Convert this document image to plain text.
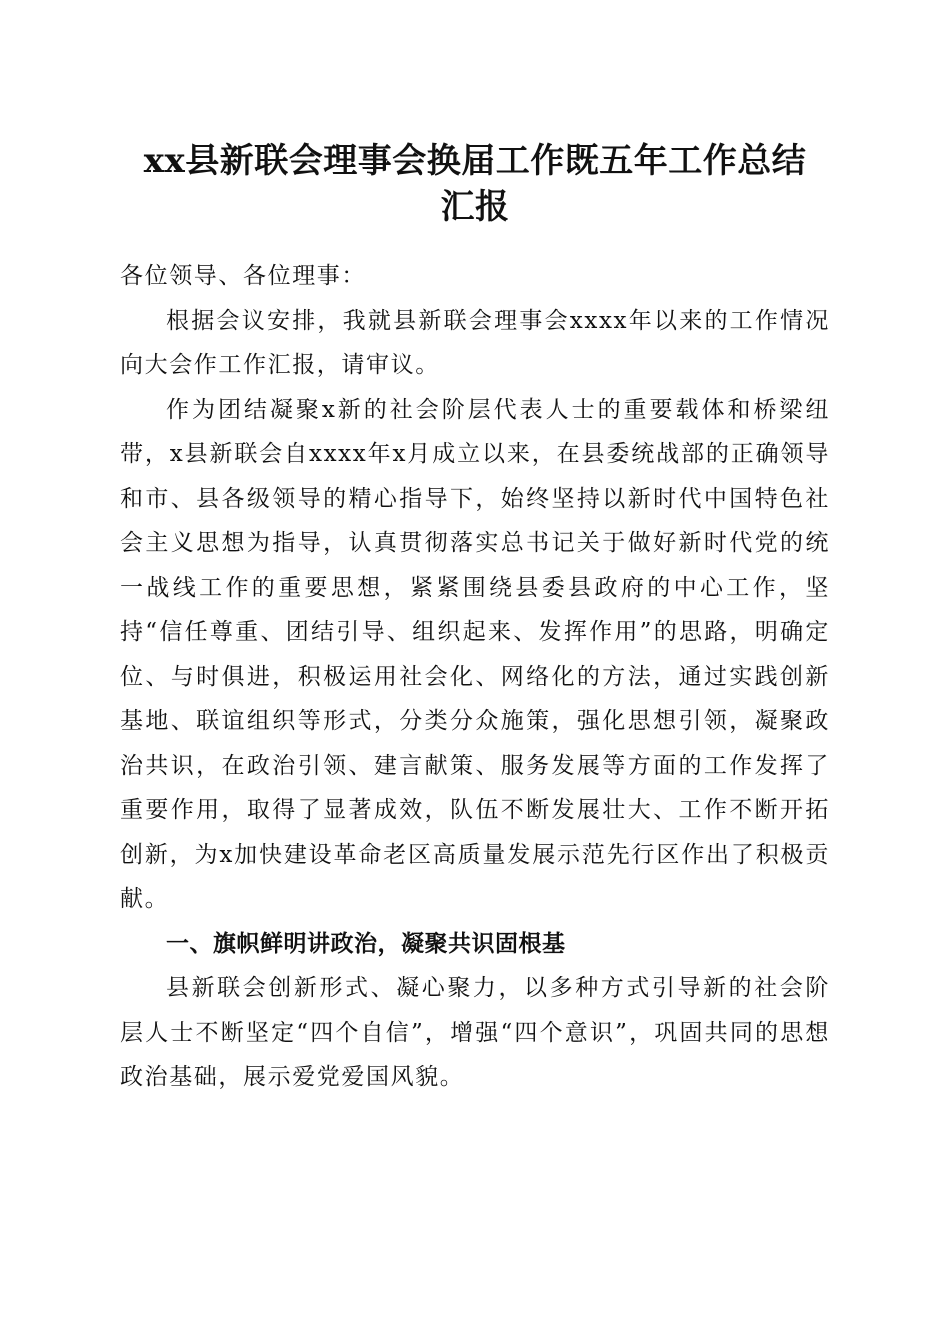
xx县新联会理事会换届工作既五年工作总结
汇报

各位领导、各位理事：

根据会议安排，我就县新联会理事会xxxx年以来的工作情况向大会作工作汇报，请审议。

作为团结凝聚x新的社会阶层代表人士的重要载体和桥梁纽带，x县新联会自xxxx年x月成立以来，在县委统战部的正确领导和市、县各级领导的精心指导下，始终坚持以新时代中国特色社会主义思想为指导，认真贯彻落实总书记关于做好新时代党的统一战线工作的重要思想，紧紧围绕县委县政府的中心工作，坚持“信任尊重、团结引导、组织起来、发挥作用”的思路，明确定位、与时俱进，积极运用社会化、网络化的方法，通过实践创新基地、联谊组织等形式，分类分众施策，强化思想引领，凝聚政治共识，在政治引领、建言献策、服务发展等方面的工作发挥了重要作用，取得了显著成效，队伍不断发展壮大、工作不断开拓创新，为x加快建设革命老区高质量发展示范先行区作出了积极贡献。

一、旗帜鲜明讲政治，凝聚共识固根基

县新联会创新形式、凝心聚力，以多种方式引导新的社会阶层人士不断坚定“四个自信”，增强“四个意识”，巩固共同的思想政治基础，展示爱党爱国风貌。
